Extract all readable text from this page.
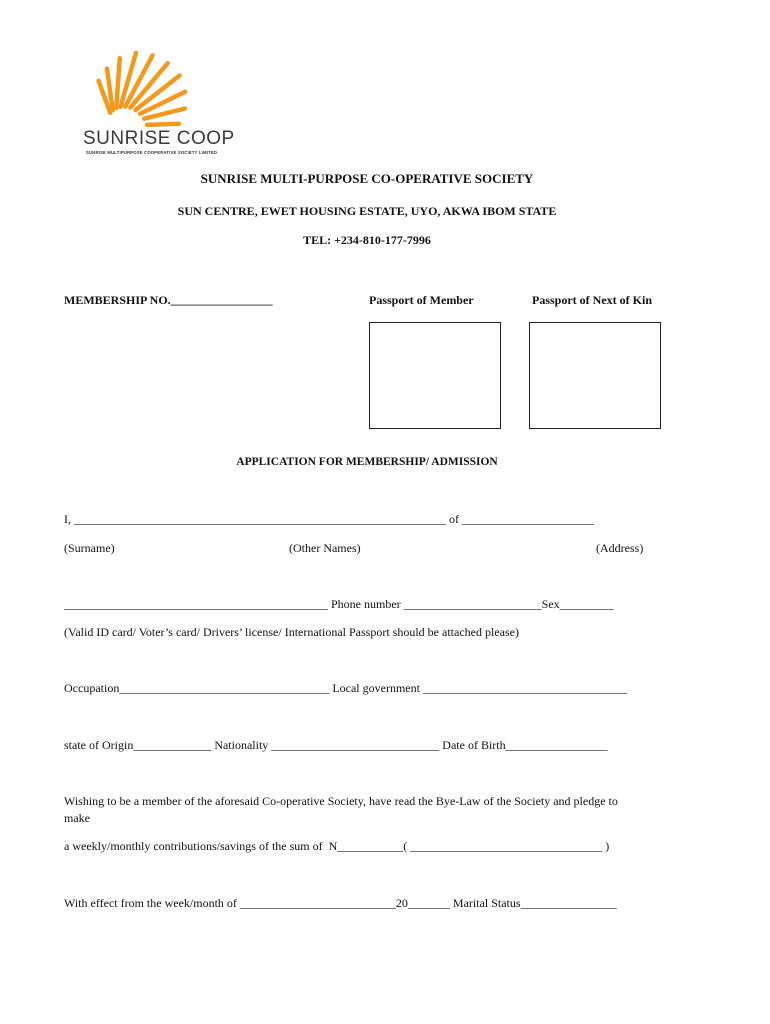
SUNRISE COOP
SUNRISE MULTIPURPOSE COOPERATIVE SOCIETY LIMITED
SUNRISE MULTI-PURPOSE CO-OPERATIVE SOCIETY
SUN CENTRE, EWET HOUSING ESTATE, UYO, AKWA IBOM STATE
TEL: +234-810-177-7996
MEMBERSHIP NO._________________	Passport of Member	Passport of Next of Kin
APPLICATION FOR MEMBERSHIP/ ADMISSION
I, ______________________________________________________________ of ______________________
(Surname)	(Other Names)	(Address)
____________________________________________ Phone number _______________________Sex_________
(Valid ID card/ Voter’s card/ Drivers’ license/ International Passport should be attached please)
Occupation___________________________________ Local government __________________________________
state of Origin_____________ Nationality ____________________________ Date of Birth_________________
Wishing to be a member of the aforesaid Co-operative Society, have read the Bye-Law of the Society and pledge to
make
a weekly/monthly contributions/savings of the sum of  N___________( ________________________________ )
With effect from the week/month of __________________________20_______ Marital Status________________
